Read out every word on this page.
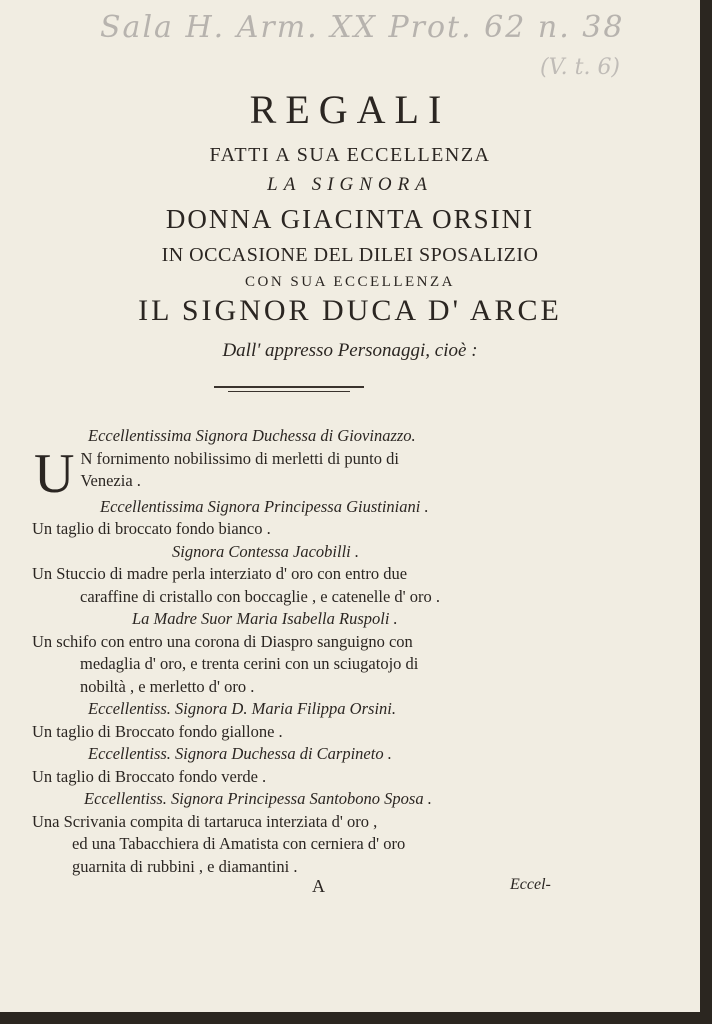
Sala H. Arm. XX Prot. 62 n. 38
(V. t. 6)
REGALI
FATTI A SUA ECCELLENZA
LA SIGNORA
DONNA GIACINTA ORSINI
IN OCCASIONE DEL DILEI SPOSALIZIO
CON SUA ECCELLENZA
IL SIGNOR DUCA D' ARCE
Dall' appresso Personaggi, cioè :
Eccellentissima Signora Duchessa di Giovinazzo.
U N fornimento nobilissimo di merletti di punto di
Venezia .
Eccellentissima Signora Principessa Giustiniani .
Un taglio di broccato fondo bianco .
Signora Contessa Jacobilli .
Un Stuccio di madre perla interziato d' oro con entro due
caraffine di cristallo con boccaglie , e catenelle d' oro .
La Madre Suor Maria Isabella Ruspoli .
Un schifo con entro una corona di Diaspro sanguigno con
medaglia d' oro, e trenta cerini con un sciugatojo di
nobiltà , e merletto d' oro .
Eccellentiss. Signora D. Maria Filippa Orsini.
Un taglio di Broccato fondo giallone .
Eccellentiss. Signora Duchessa di Carpineto .
Un taglio di Broccato fondo verde .
Eccellentiss. Signora Principessa Santobono Sposa .
Una Scrivania compita di tartaruca interziata d' oro ,
ed una Tabacchiera di Amatista con cerniera d' oro
guarnita di rubbini , e diamantini .
A	Eccel-
